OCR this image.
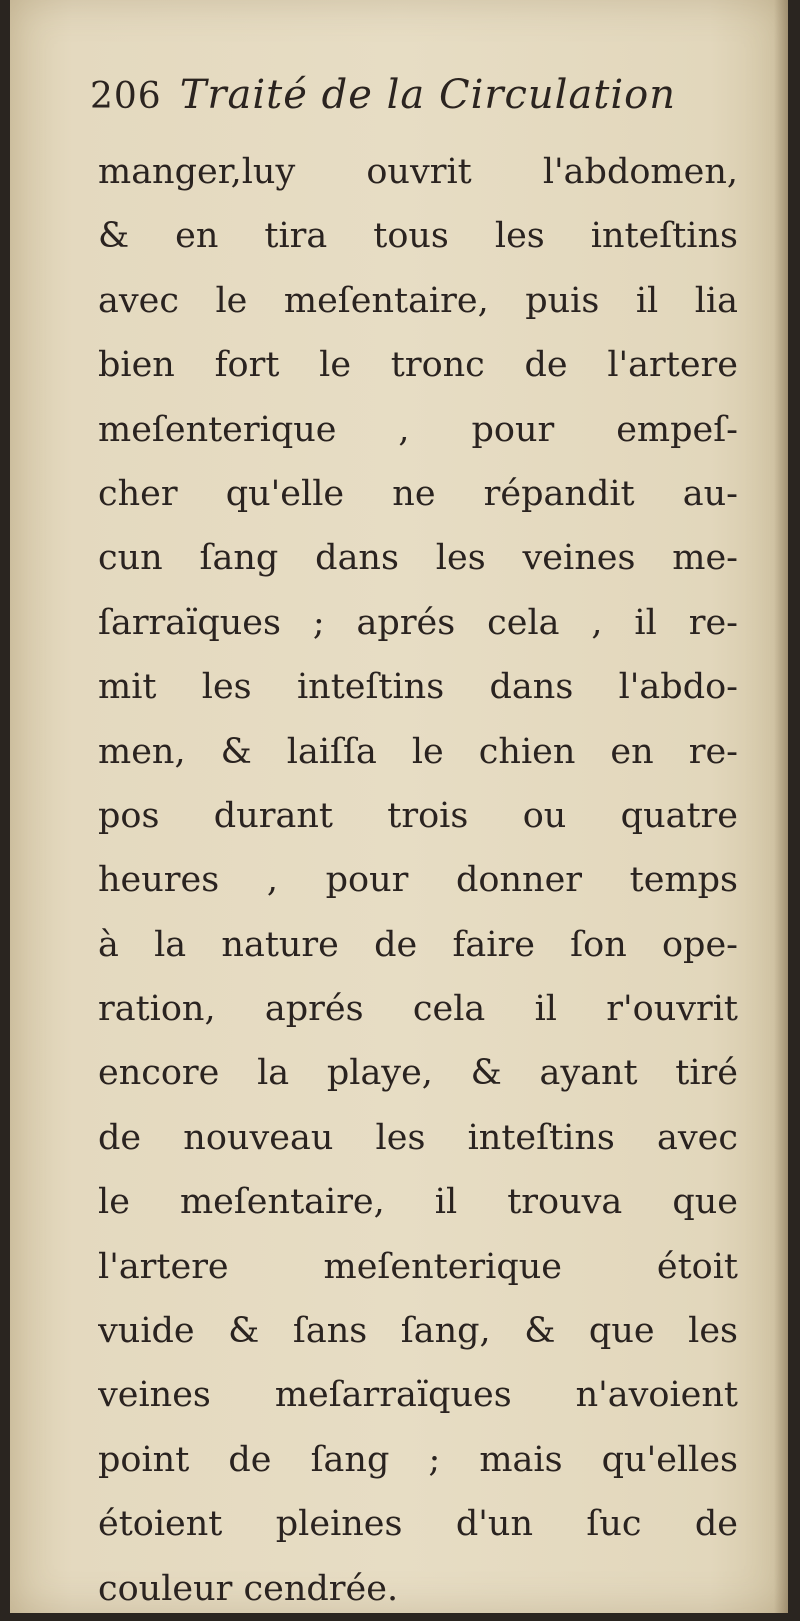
206 Traité de la Circulation
manger,luy ouvrit l'abdomen,
& en tira tous les inteſtins
avec le meſentaire, puis il lia
bien fort le tronc de l'artere
meſenterique , pour empeſ-
cher qu'elle ne répandit au-
cun ſang dans les veines me-
ſarraïques ; aprés cela , il re-
mit les inteſtins dans l'abdo-
men, & laiſſa le chien en re-
pos durant trois ou quatre
heures , pour donner temps
à la nature de faire ſon ope-
ration, aprés cela il r'ouvrit
encore la playe, & ayant tiré
de nouveau les inteſtins avec
le meſentaire, il trouva que
l'artere meſenterique étoit
vuide & ſans ſang, & que les
veines meſarraïques n'avoient
point de ſang ; mais qu'elles
étoient pleines d'un ſuc de
couleur cendrée.
